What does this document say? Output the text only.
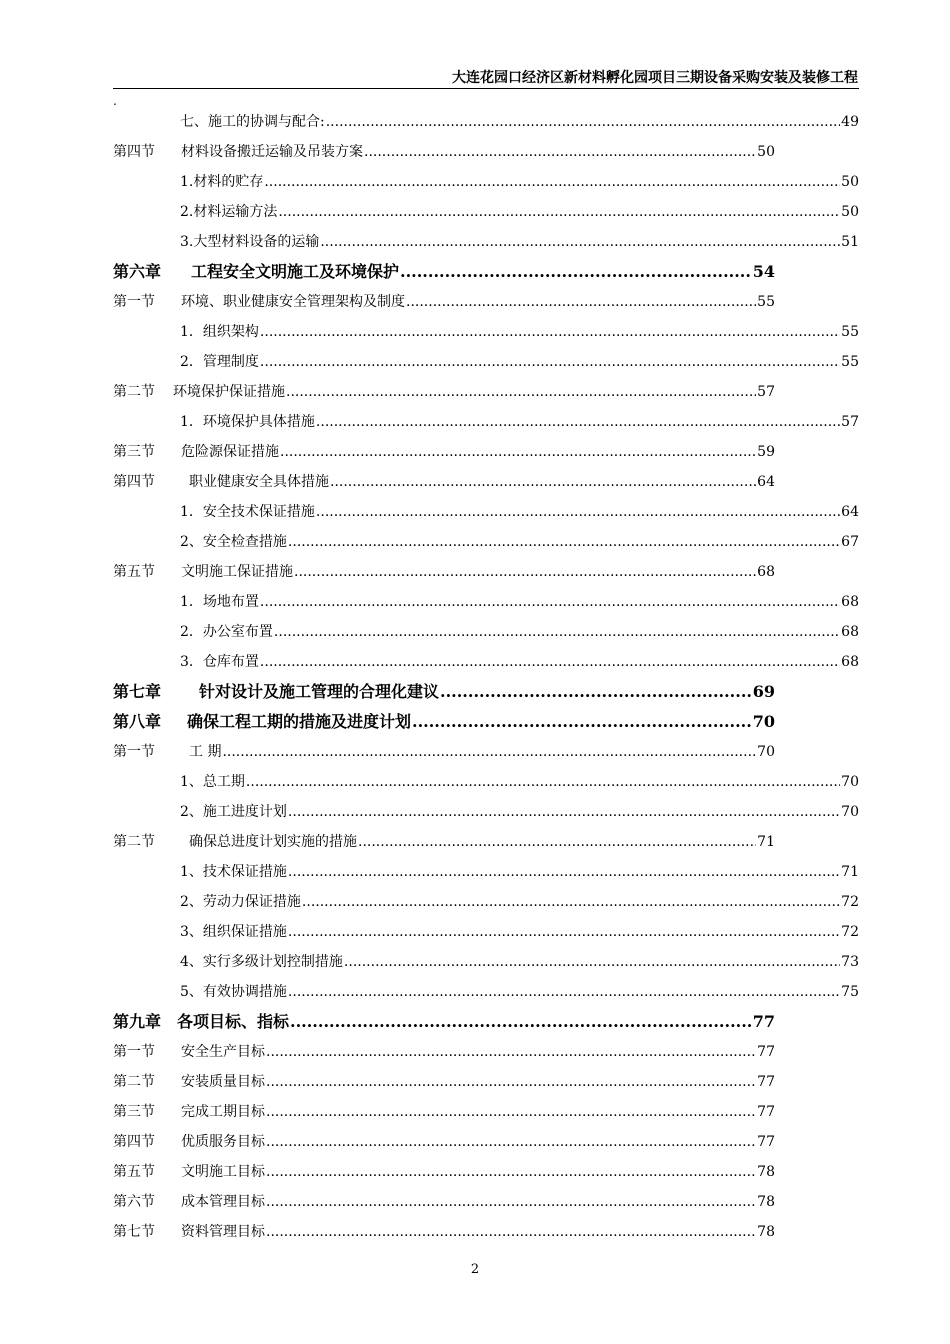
大连花园口经济区新材料孵化园项目三期设备采购安装及装修工程
.
七、施工的协调与配合: .....	49
第四节	材料设备搬迁运输及吊装方案 .....	50
1.材料的贮存 .....	50
2.材料运输方法 .....	50
3.大型材料设备的运输 .....	51
第六章	工程安全文明施工及环境保护 .....	54
第一节	环境、职业健康安全管理架构及制度 .....	55
1．组织架构 .....	55
2．管理制度 .....	55
第二节	环境保护保证措施 .....	57
1．环境保护具体措施 .....	57
第三节	危险源保证措施 .....	59
第四节	职业健康安全具体措施 .....	64
1．安全技术保证措施 .....	64
2、安全检查措施 .....	67
第五节	文明施工保证措施 .....	68
1．场地布置 .....	68
2．办公室布置 .....	68
3．仓库布置 .....	68
第七章	针对设计及施工管理的合理化建议 .....	69
第八章	确保工程工期的措施及进度计划 .....	70
第一节	工 期 .....	70
1、总工期 .....	70
2、施工进度计划 .....	70
第二节	确保总进度计划实施的措施 .....	71
1、技术保证措施 .....	71
2、劳动力保证措施 .....	72
3、组织保证措施 .....	72
4、实行多级计划控制措施 .....	73
5、有效协调措施 .....	75
第九章 各项目标、指标 .....	77
第一节	安全生产目标 .....	77
第二节	安装质量目标 .....	77
第三节	完成工期目标 .....	77
第四节	优质服务目标 .....	77
第五节	文明施工目标 .....	78
第六节	成本管理目标 .....	78
第七节	资料管理目标 .....	78
2
